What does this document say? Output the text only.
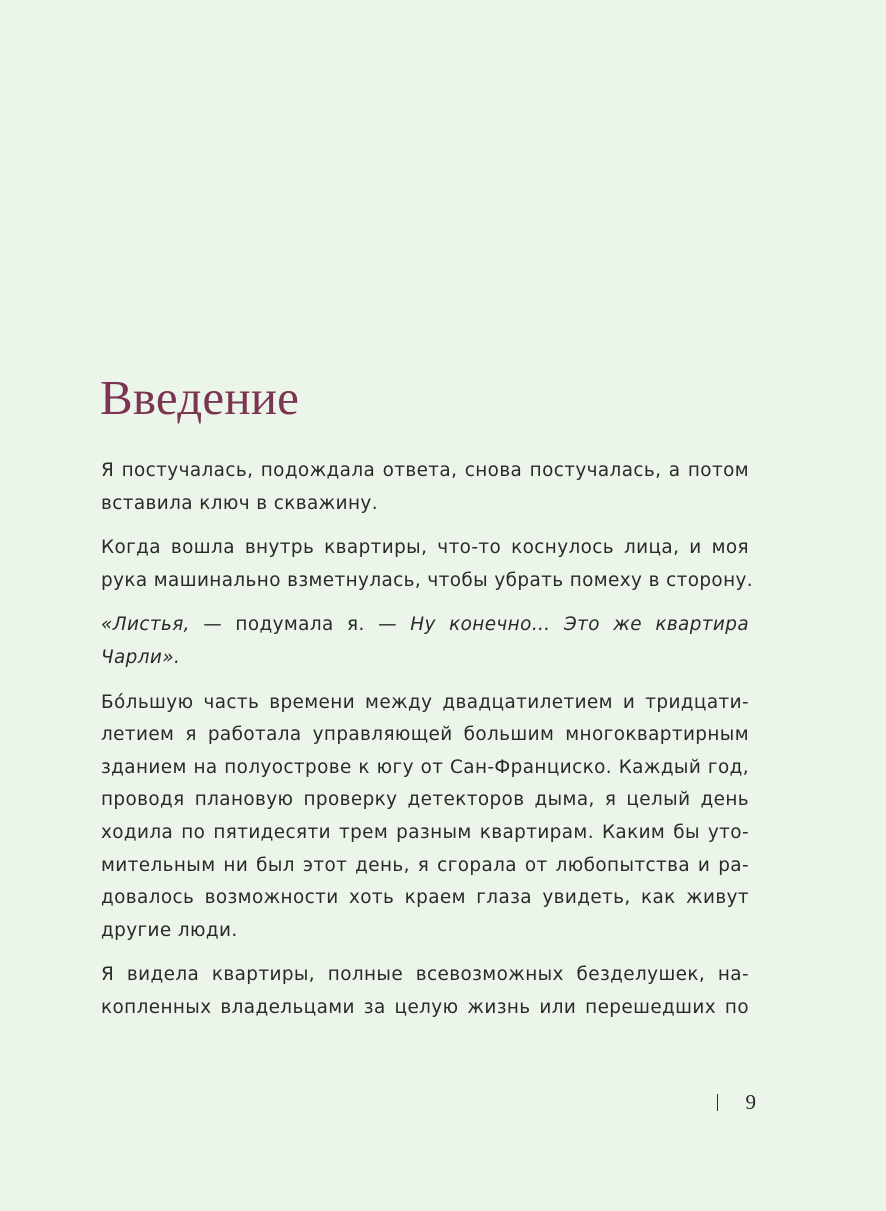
Введение

Я постучалась, подождала ответа, снова постучалась, а потом
вставила ключ в скважину.

Когда вошла внутрь квартиры, что-то коснулось лица, и моя
рука машинально взметнулась, чтобы убрать помеху в сторону.

«Листья, — подумала я. — Ну конечно… Это же квартира
Чарли».

Бо́льшую часть времени между двадцатилетием и тридцати-
летием я работала управляющей большим многоквартирным
зданием на полуострове к югу от Сан-Франциско. Каждый год,
проводя плановую проверку детекторов дыма, я целый день
ходила по пятидесяти трем разным квартирам. Каким бы уто-
мительным ни был этот день, я сгорала от любопытства и ра-
довалось возможности хоть краем глаза увидеть, как живут
другие люди.

Я видела квартиры, полные всевозможных безделушек, на-
копленных владельцами за целую жизнь или перешедших по

9
